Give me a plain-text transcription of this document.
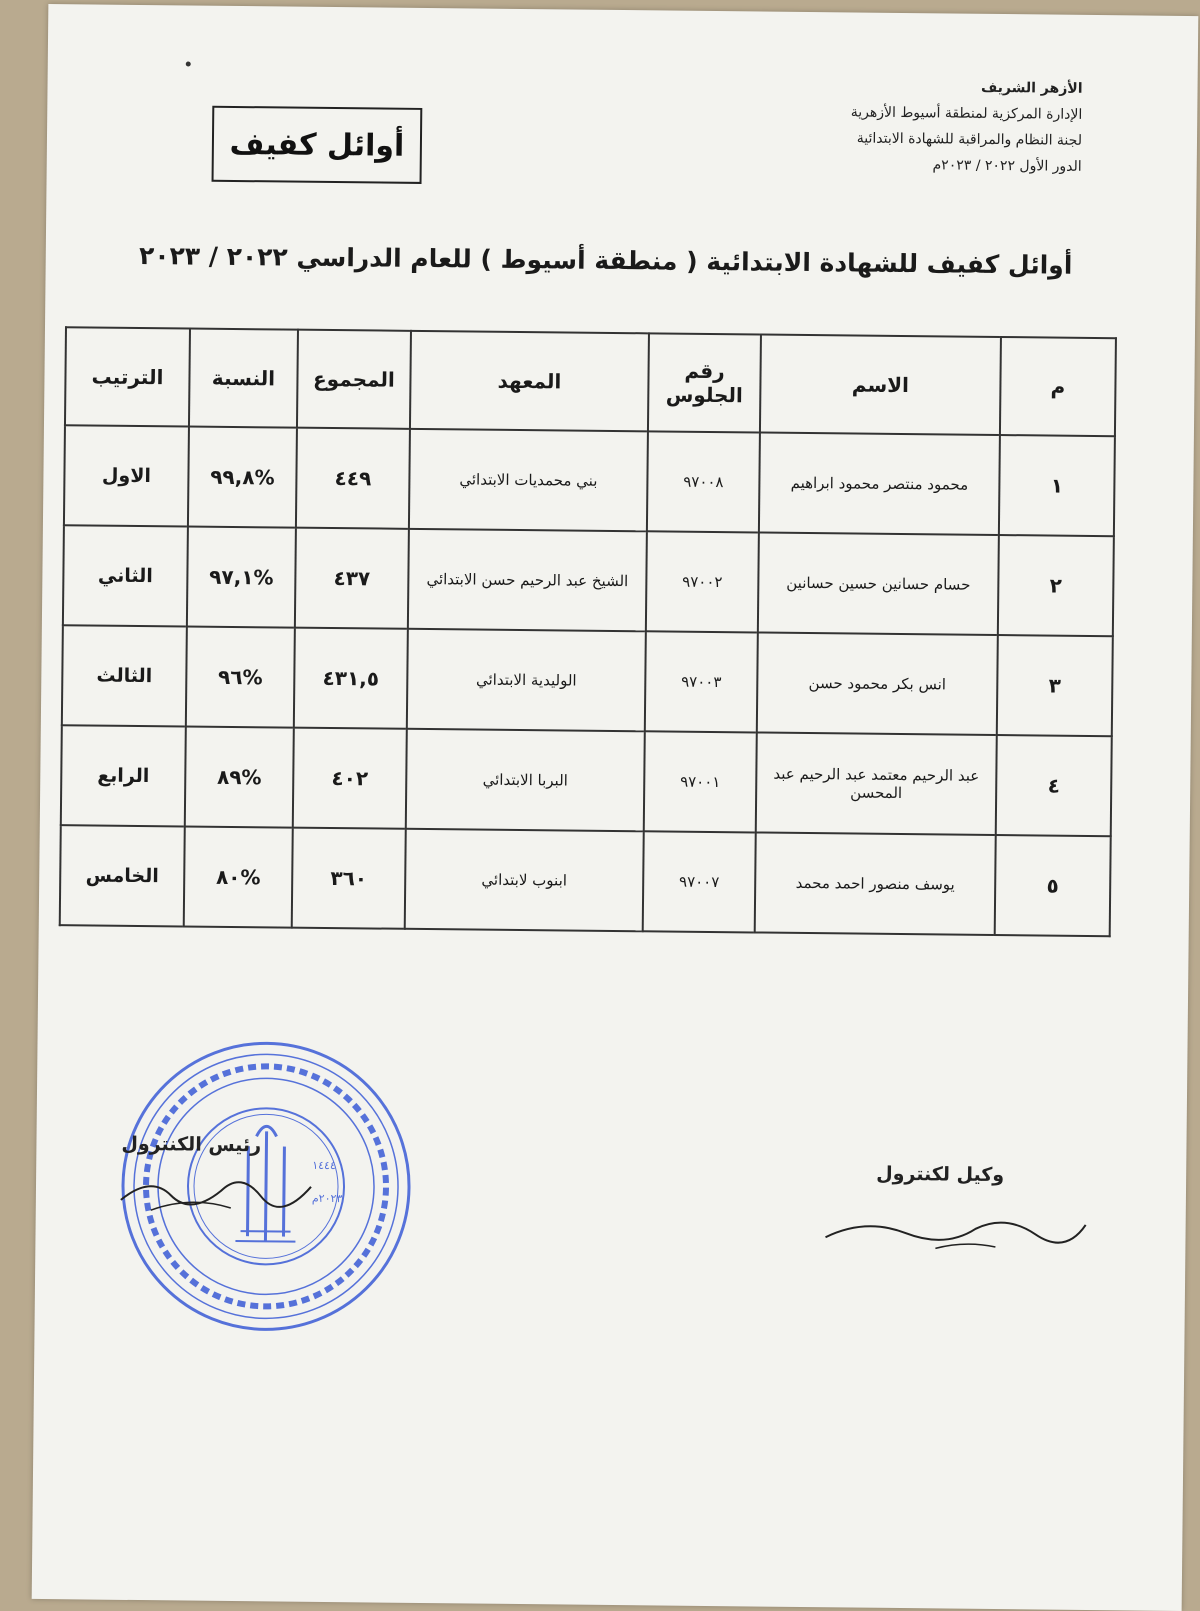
الأزهر الشريف
الإدارة المركزية لمنطقة أسيوط الأزهرية
لجنة النظام والمراقبة للشهادة الابتدائية
الدور الأول ٢٠٢٢ / ٢٠٢٣م
أوائل كفيف
أوائل كفيف للشهادة الابتدائية ( منطقة أسيوط ) للعام الدراسي ٢٠٢٢ / ٢٠٢٣
م	الاسم	رقم الجلوس	المعهد	المجموع	النسبة	الترتيب
١	محمود منتصر محمود ابراهيم	٩٧٠٠٨	بني محمديات الابتدائي	٤٤٩	%٩٩,٨	الاول
٢	حسام حسانين حسين حسانين	٩٧٠٠٢	الشيخ عبد الرحيم حسن الابتدائي	٤٣٧	%٩٧,١	الثاني
٣	انس بكر محمود حسن	٩٧٠٠٣	الوليدية الابتدائي	٤٣١,٥	%٩٦	الثالث
٤	عبد الرحيم معتمد عبد الرحيم عبد المحسن	٩٧٠٠١	البربا الابتدائي	٤٠٢	%٨٩	الرابع
٥	يوسف منصور احمد محمد	٩٧٠٠٧	ابنوب لابتدائي	٣٦٠	%٨٠	الخامس
١٤٤٤
٢٠٢٣م
رئيس الكنترول
وكيل لكنترول
